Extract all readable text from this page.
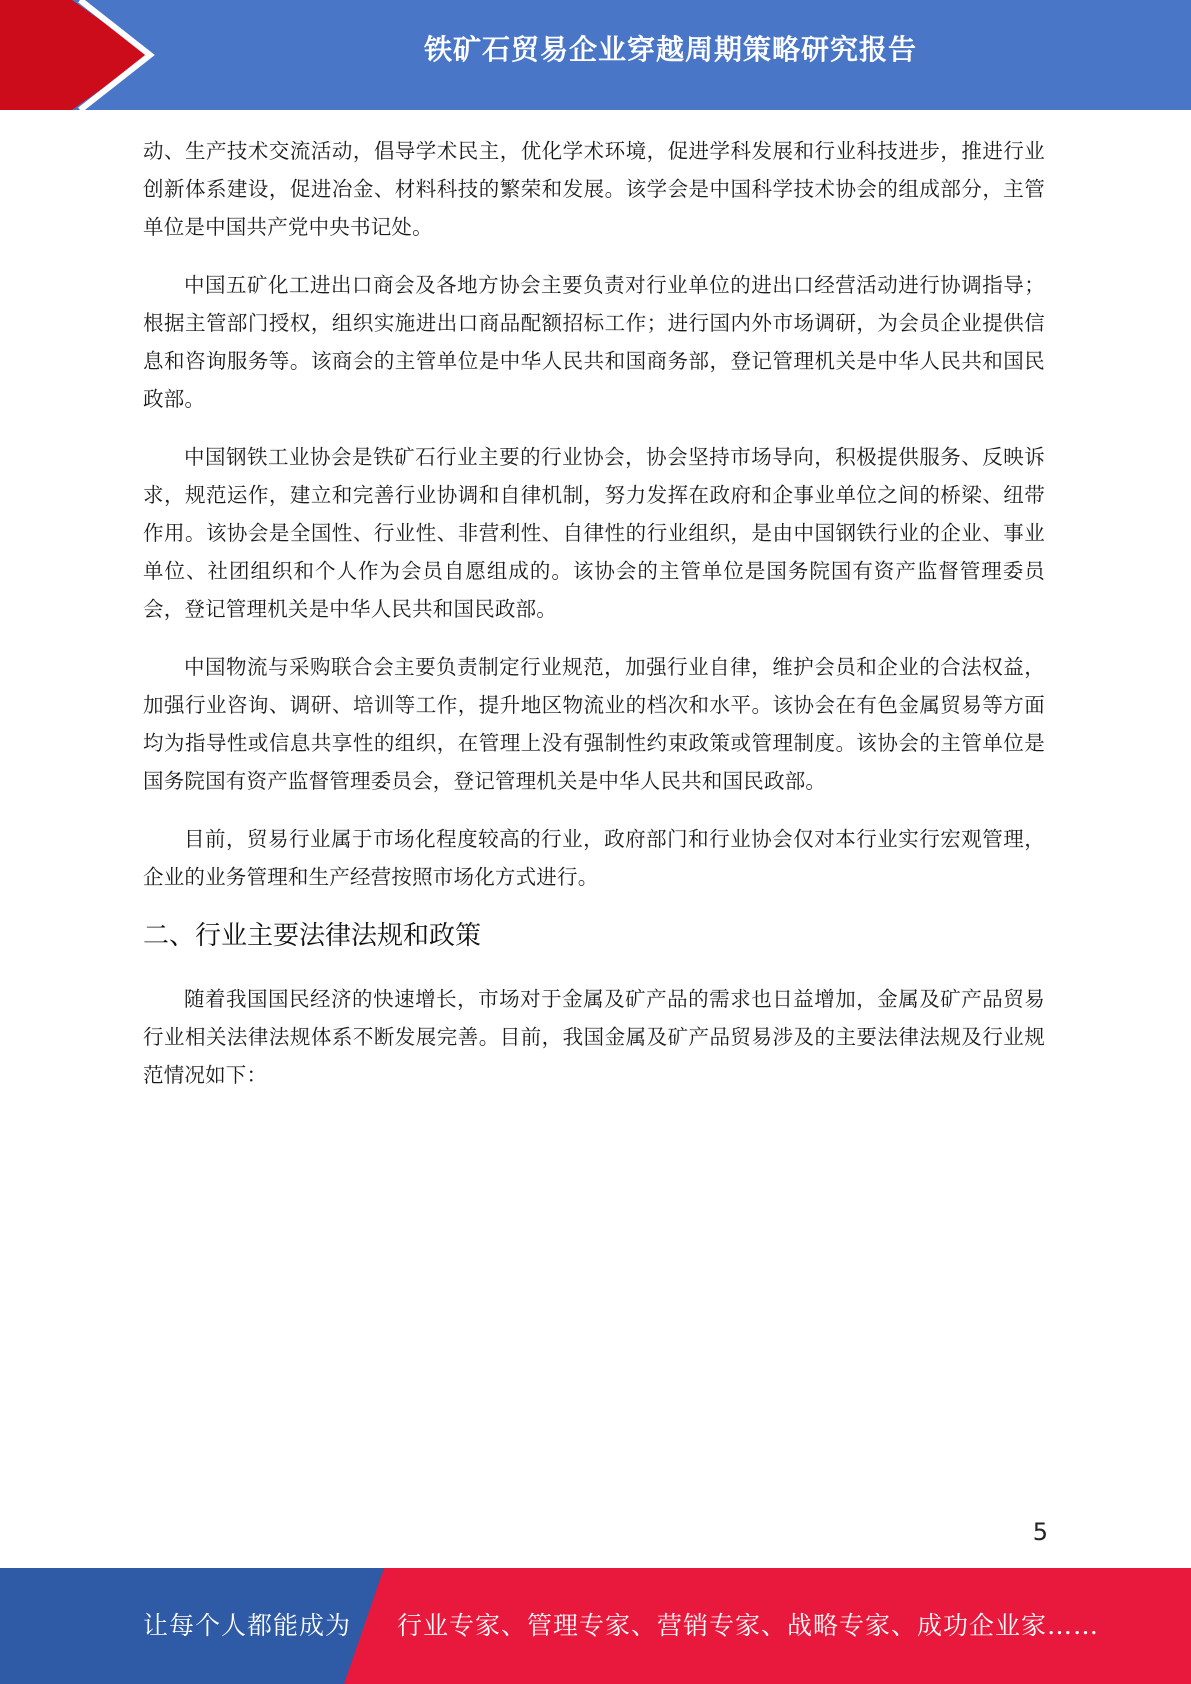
铁矿石贸易企业穿越周期策略研究报告

动、生产技术交流活动，倡导学术民主，优化学术环境，促进学科发展和行业科技进步，推进行业创新体系建设，促进冶金、材料科技的繁荣和发展。该学会是中国科学技术协会的组成部分，主管单位是中国共产党中央书记处。

中国五矿化工进出口商会及各地方协会主要负责对行业单位的进出口经营活动进行协调指导；根据主管部门授权，组织实施进出口商品配额招标工作；进行国内外市场调研，为会员企业提供信息和咨询服务等。该商会的主管单位是中华人民共和国商务部，登记管理机关是中华人民共和国民政部。

中国钢铁工业协会是铁矿石行业主要的行业协会，协会坚持市场导向，积极提供服务、反映诉求，规范运作，建立和完善行业协调和自律机制，努力发挥在政府和企事业单位之间的桥梁、纽带作用。该协会是全国性、行业性、非营利性、自律性的行业组织，是由中国钢铁行业的企业、事业单位、社团组织和个人作为会员自愿组成的。该协会的主管单位是国务院国有资产监督管理委员会，登记管理机关是中华人民共和国民政部。

中国物流与采购联合会主要负责制定行业规范，加强行业自律，维护会员和企业的合法权益，加强行业咨询、调研、培训等工作，提升地区物流业的档次和水平。该协会在有色金属贸易等方面均为指导性或信息共享性的组织，在管理上没有强制性约束政策或管理制度。该协会的主管单位是国务院国有资产监督管理委员会，登记管理机关是中华人民共和国民政部。

目前，贸易行业属于市场化程度较高的行业，政府部门和行业协会仅对本行业实行宏观管理，企业的业务管理和生产经营按照市场化方式进行。

二、行业主要法律法规和政策

随着我国国民经济的快速增长，市场对于金属及矿产品的需求也日益增加，金属及矿产品贸易行业相关法律法规体系不断发展完善。目前，我国金属及矿产品贸易涉及的主要法律法规及行业规范情况如下：

5
让每个人都能成为 行业专家、管理专家、营销专家、战略专家、成功企业家……
